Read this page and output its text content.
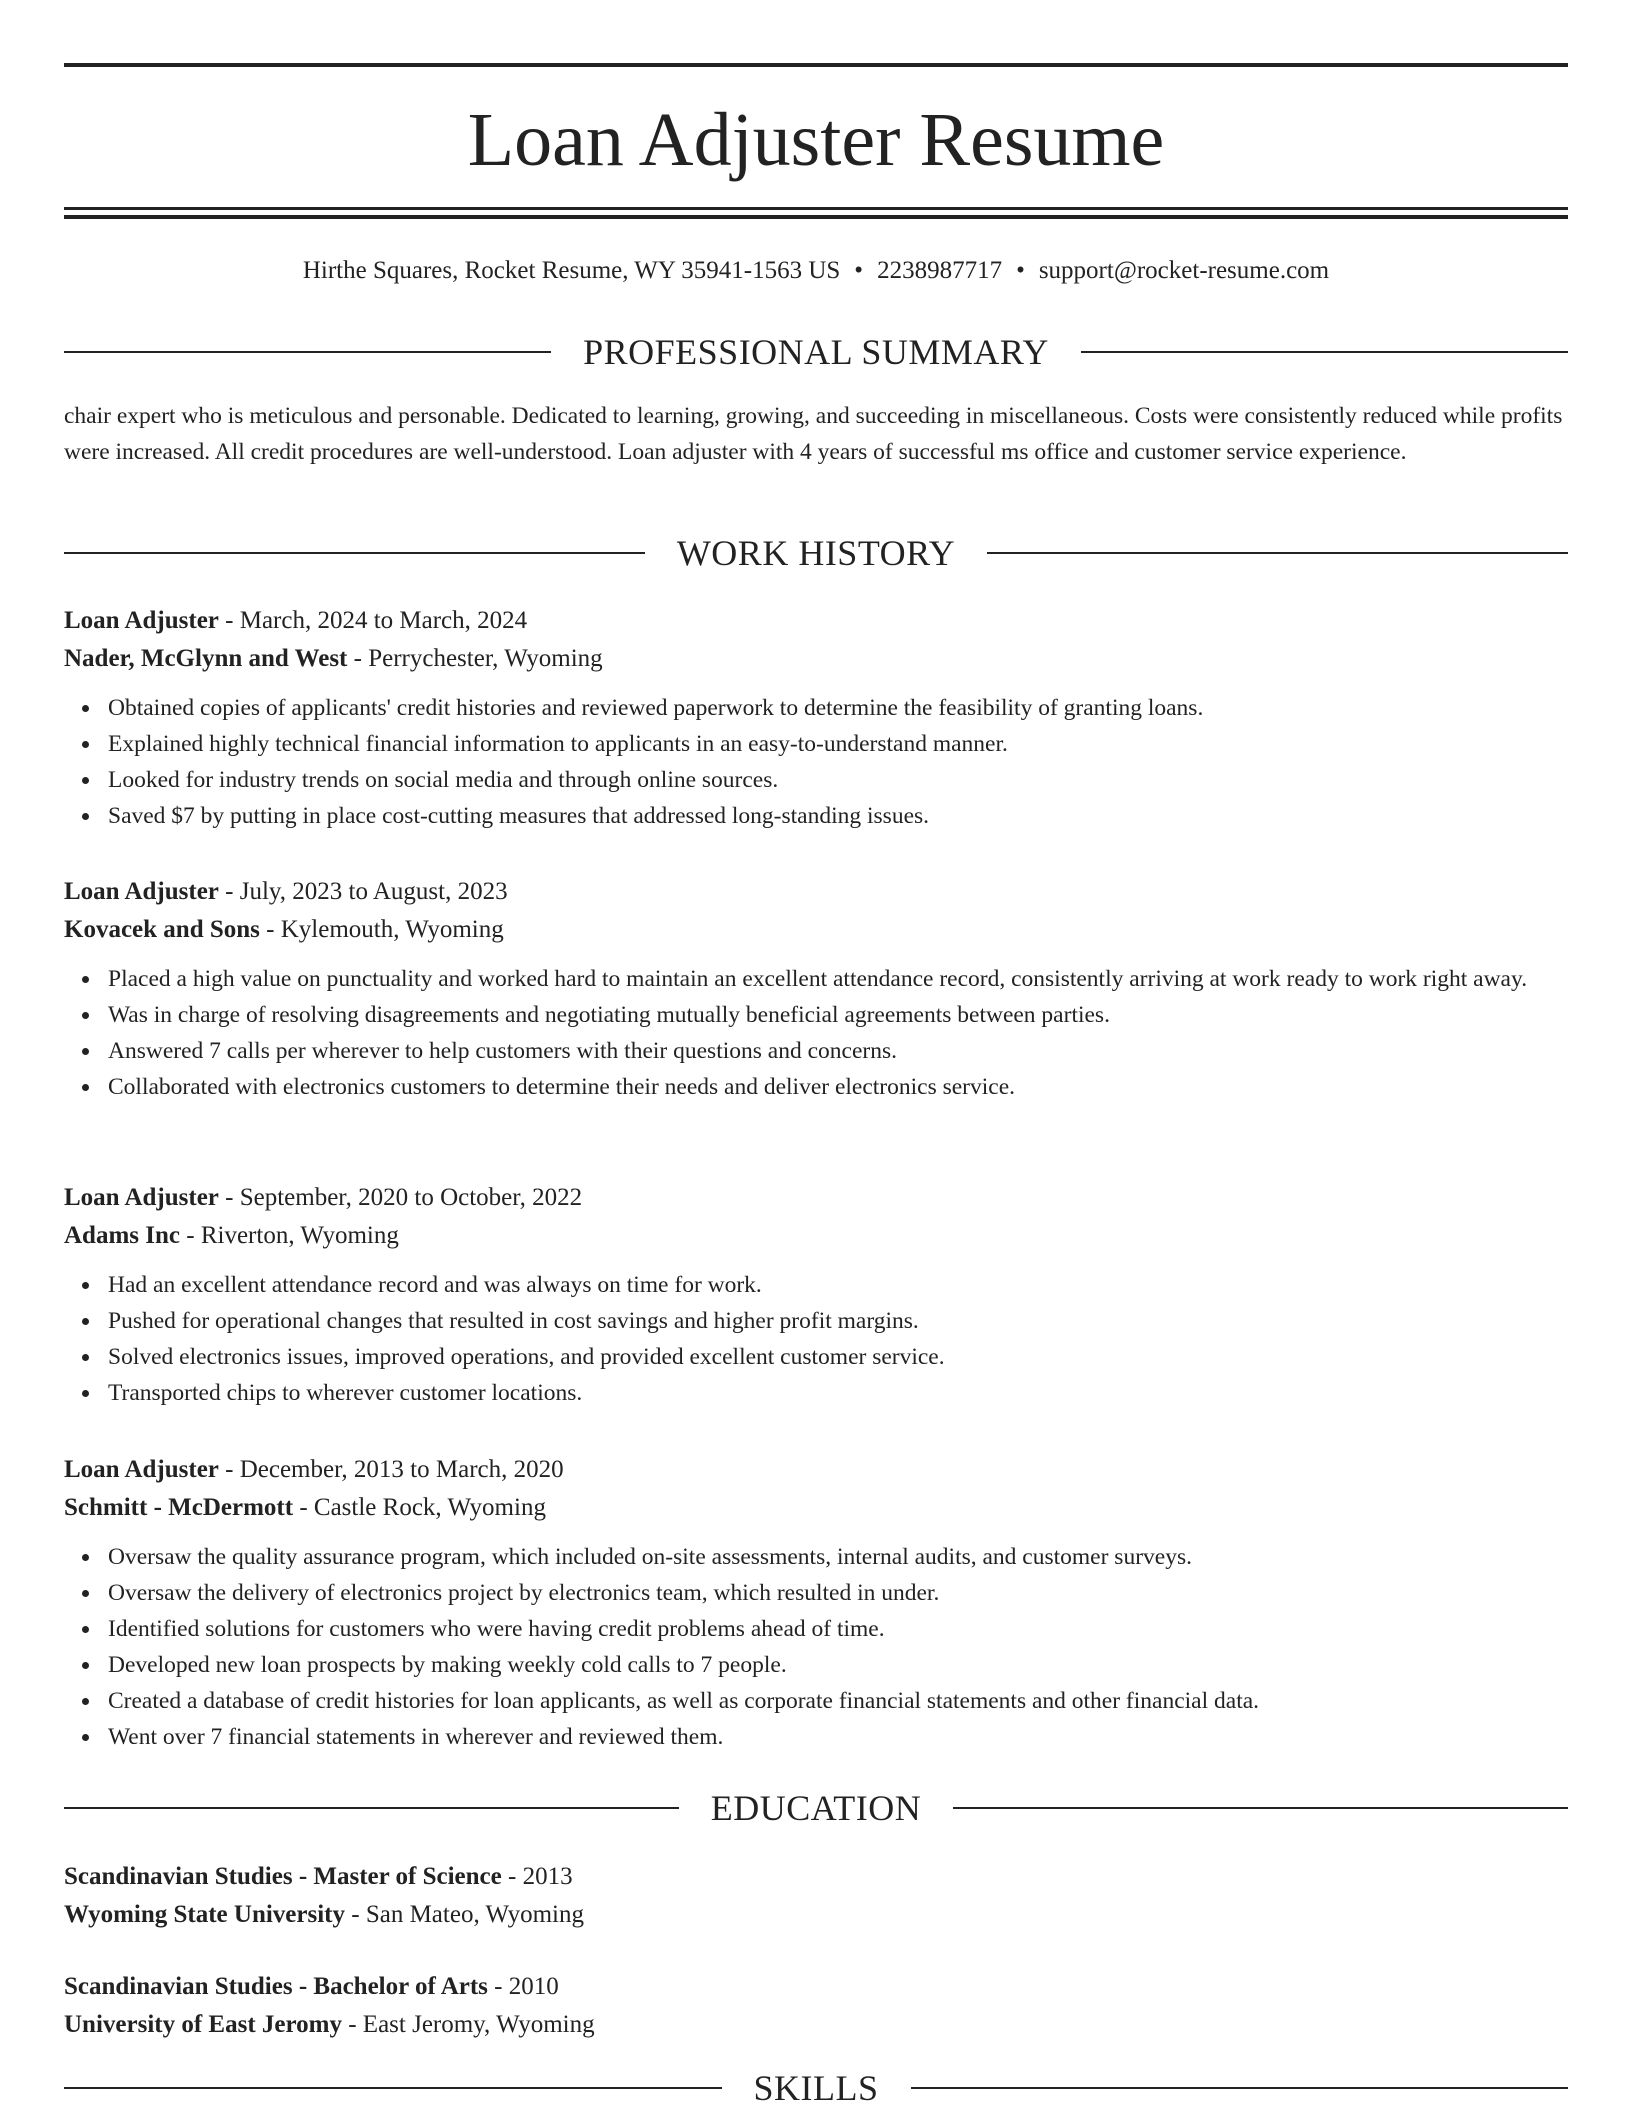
Loan Adjuster Resume
Hirthe Squares, Rocket Resume, WY 35941-1563 US • 2238987717 • support@rocket-resume.com
PROFESSIONAL SUMMARY
chair expert who is meticulous and personable. Dedicated to learning, growing, and succeeding in miscellaneous. Costs were consistently reduced while profits were increased. All credit procedures are well-understood. Loan adjuster with 4 years of successful ms office and customer service experience.
WORK HISTORY
Loan Adjuster - March, 2024 to March, 2024
Nader, McGlynn and West - Perrychester, Wyoming
Obtained copies of applicants' credit histories and reviewed paperwork to determine the feasibility of granting loans.
Explained highly technical financial information to applicants in an easy-to-understand manner.
Looked for industry trends on social media and through online sources.
Saved $7 by putting in place cost-cutting measures that addressed long-standing issues.
Loan Adjuster - July, 2023 to August, 2023
Kovacek and Sons - Kylemouth, Wyoming
Placed a high value on punctuality and worked hard to maintain an excellent attendance record, consistently arriving at work ready to work right away.
Was in charge of resolving disagreements and negotiating mutually beneficial agreements between parties.
Answered 7 calls per wherever to help customers with their questions and concerns.
Collaborated with electronics customers to determine their needs and deliver electronics service.
Loan Adjuster - September, 2020 to October, 2022
Adams Inc - Riverton, Wyoming
Had an excellent attendance record and was always on time for work.
Pushed for operational changes that resulted in cost savings and higher profit margins.
Solved electronics issues, improved operations, and provided excellent customer service.
Transported chips to wherever customer locations.
Loan Adjuster - December, 2013 to March, 2020
Schmitt - McDermott - Castle Rock, Wyoming
Oversaw the quality assurance program, which included on-site assessments, internal audits, and customer surveys.
Oversaw the delivery of electronics project by electronics team, which resulted in under.
Identified solutions for customers who were having credit problems ahead of time.
Developed new loan prospects by making weekly cold calls to 7 people.
Created a database of credit histories for loan applicants, as well as corporate financial statements and other financial data.
Went over 7 financial statements in wherever and reviewed them.
EDUCATION
Scandinavian Studies - Master of Science - 2013
Wyoming State University - San Mateo, Wyoming
Scandinavian Studies - Bachelor of Arts - 2010
University of East Jeromy - East Jeromy, Wyoming
SKILLS
